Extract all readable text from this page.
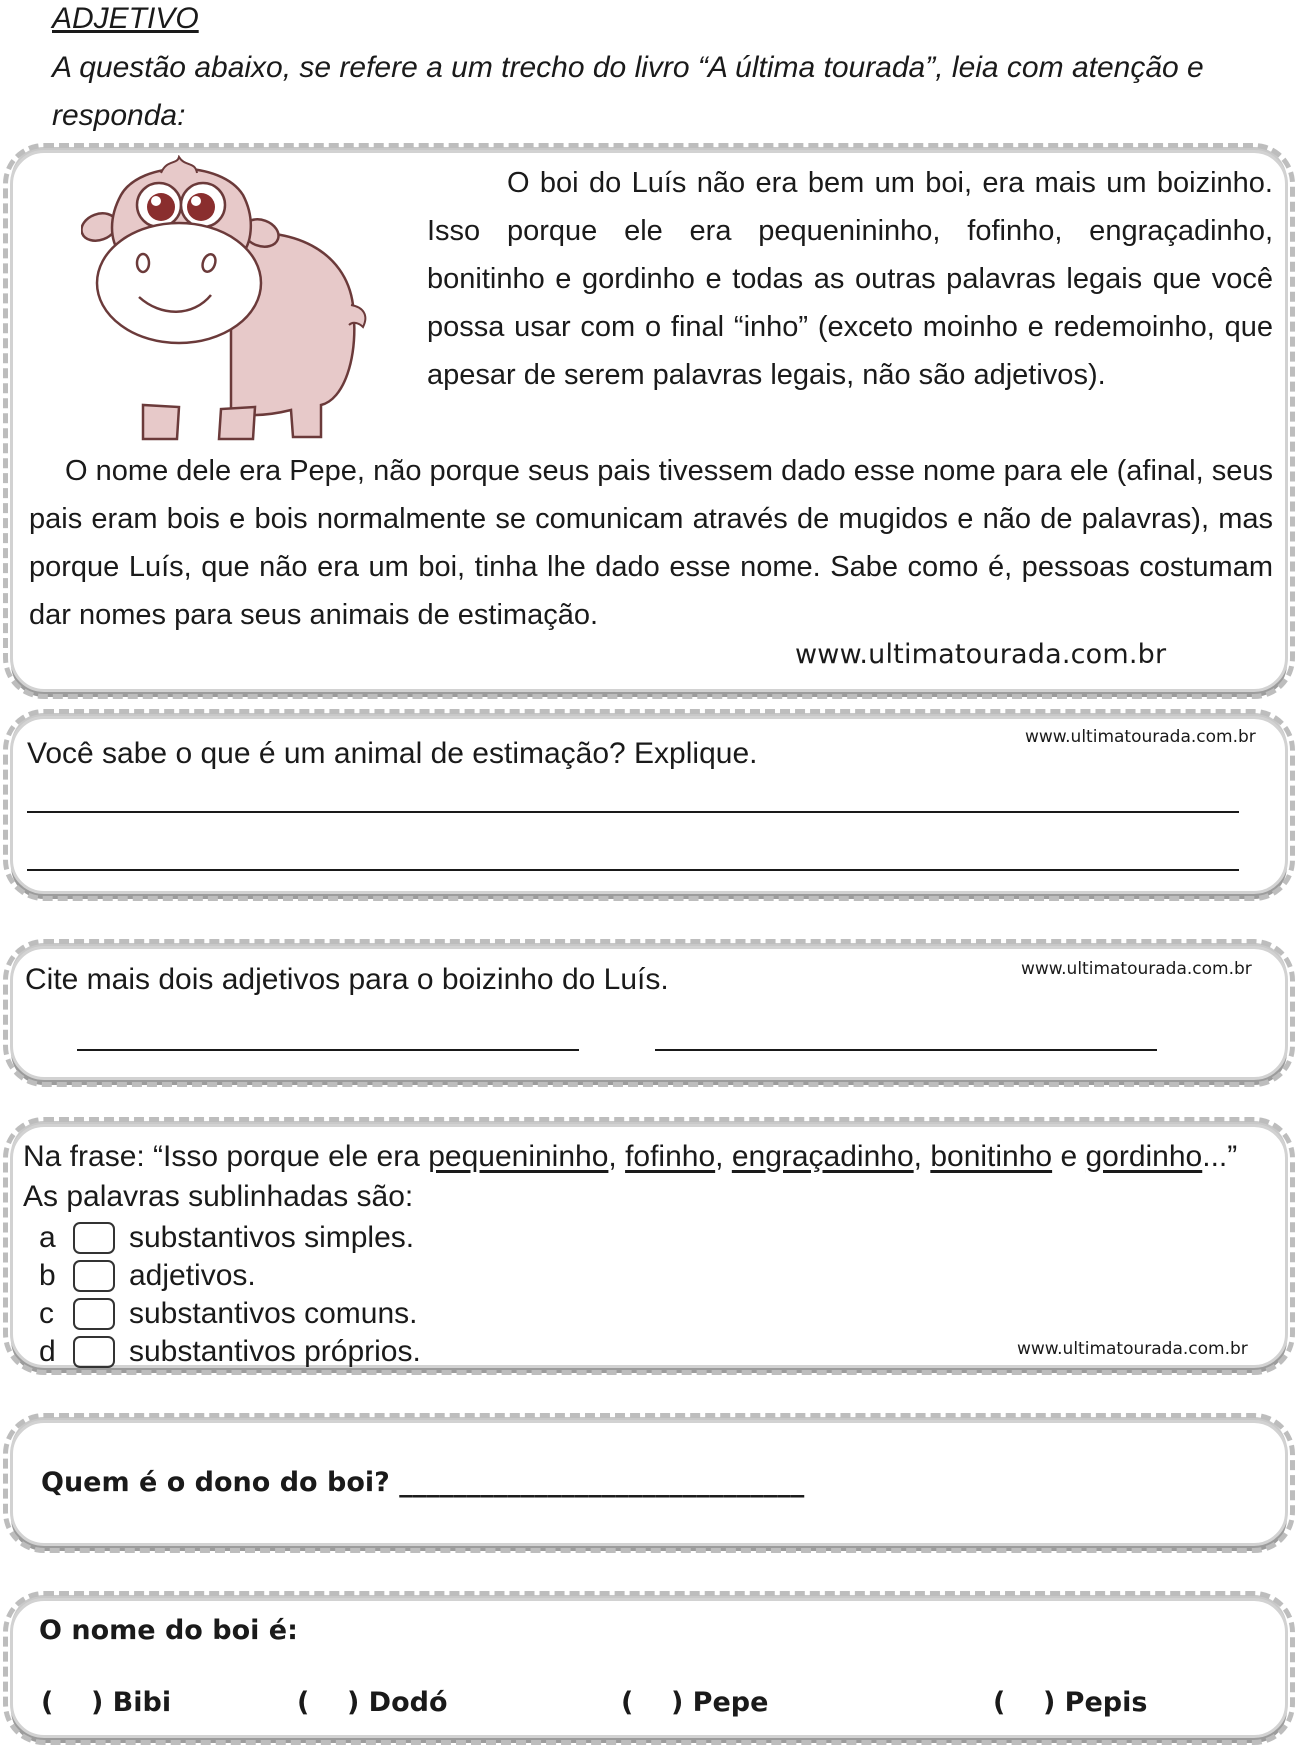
ADJETIVO
A questão abaixo, se refere a um trecho do livro “A última tourada”, leia com atenção e responda:
O boi do Luís não era bem um boi, era mais um boizinho. Isso porque ele era pequenininho, fofinho, engraçadinho, bonitinho e gordinho e todas as outras palavras legais que você possa usar com o final “inho” (exceto moinho e redemoinho, que apesar de serem palavras legais, não são adjetivos).
O nome dele era Pepe, não porque seus pais tivessem dado esse nome para ele (afinal, seus pais eram bois e bois normalmente se comunicam através de mugidos e não de palavras), mas porque Luís, que não era um boi, tinha lhe dado esse nome. Sabe como é, pessoas costumam dar nomes para seus animais de estimação.
www.ultimatourada.com.br
Você sabe o que é um animal de estimação? Explique.	www.ultimatourada.com.br
Cite mais dois adjetivos para o boizinho do Luís.	www.ultimatourada.com.br
Na frase: “Isso porque ele era pequenininho, fofinho, engraçadinho, bonitinho e gordinho...” As palavras sublinhadas são:
a	substantivos simples.
b	adjetivos.
c	substantivos comuns.
d	substantivos próprios.	www.ultimatourada.com.br
Quem é o dono do boi? ______________________________
O nome do boi é:
(    ) Bibi	(    ) Dodó	(    ) Pepe	(    ) Pepis
